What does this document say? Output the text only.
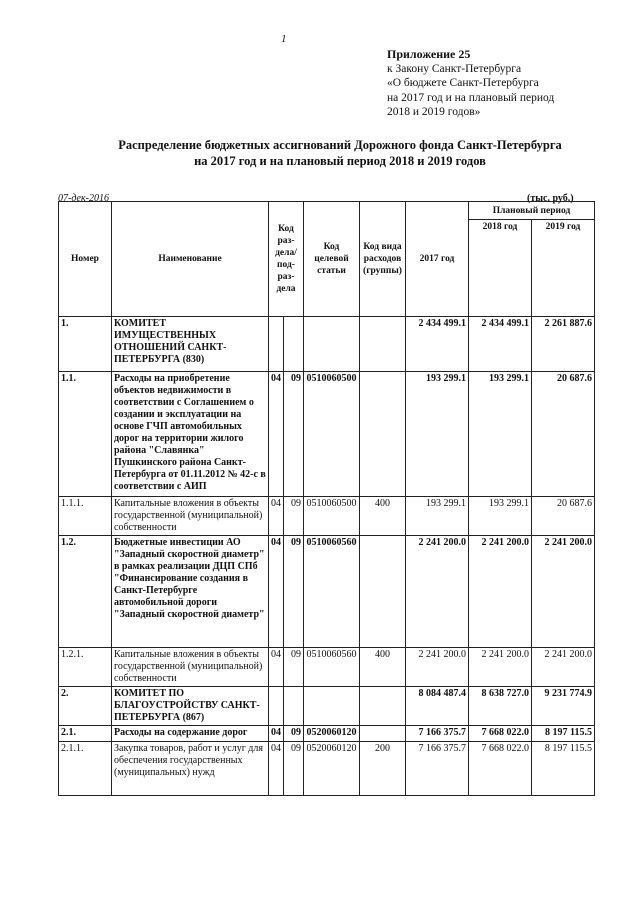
1
Приложение 25
к Закону Санкт-Петербурга
«О бюджете Санкт-Петербурга
на 2017 год и на плановый период
2018 и 2019 годов»
Распределение бюджетных ассигнований Дорожного фонда Санкт-Петербурга
на 2017 год и на плановый период 2018 и 2019 годов
07-дек-2016	(тыс. руб.)
Номер	Наименование	Код раз-дела/ под-раз-дела		Код целевой статьи	Код вида расходов (группы)	2017 год	Плановый период	
							2018 год	2019 год
1.	КОМИТЕТ ИМУЩЕСТВЕННЫХ ОТНОШЕНИЙ САНКТ-ПЕТЕРБУРГА (830)					2 434 499.1	2 434 499.1	2 261 887.6
1.1.	Расходы на приобретение объектов недвижимости в соответствии с Соглашением о создании и эксплуатации на основе ГЧП автомобильных дорог на территории жилого района "Славянка" Пушкинского района Санкт-Петербурга от 01.11.2012 № 42-с в соответствии с АИП	04	09	0510060500		193 299.1	193 299.1	20 687.6
1.1.1.	Капитальные вложения в объекты государственной (муниципальной) собственности	04	09	0510060500	400	193 299.1	193 299.1	20 687.6
1.2.	Бюджетные инвестиции АО "Западный скоростной диаметр" в рамках реализации ДЦП СПб "Финансирование создания в Санкт-Петербурге автомобильной дороги "Западный скоростной диаметр"	04	09	0510060560		2 241 200.0	2 241 200.0	2 241 200.0
1.2.1.	Капитальные вложения в объекты государственной (муниципальной) собственности	04	09	0510060560	400	2 241 200.0	2 241 200.0	2 241 200.0
2.	КОМИТЕТ ПО БЛАГОУСТРОЙСТВУ САНКТ-ПЕТЕРБУРГА (867)					8 084 487.4	8 638 727.0	9 231 774.9
2.1.	Расходы на содержание дорог	04	09	0520060120		7 166 375.7	7 668 022.0	8 197 115.5
2.1.1.	Закупка товаров, работ и услуг для обеспечения государственных (муниципальных) нужд	04	09	0520060120	200	7 166 375.7	7 668 022.0	8 197 115.5
